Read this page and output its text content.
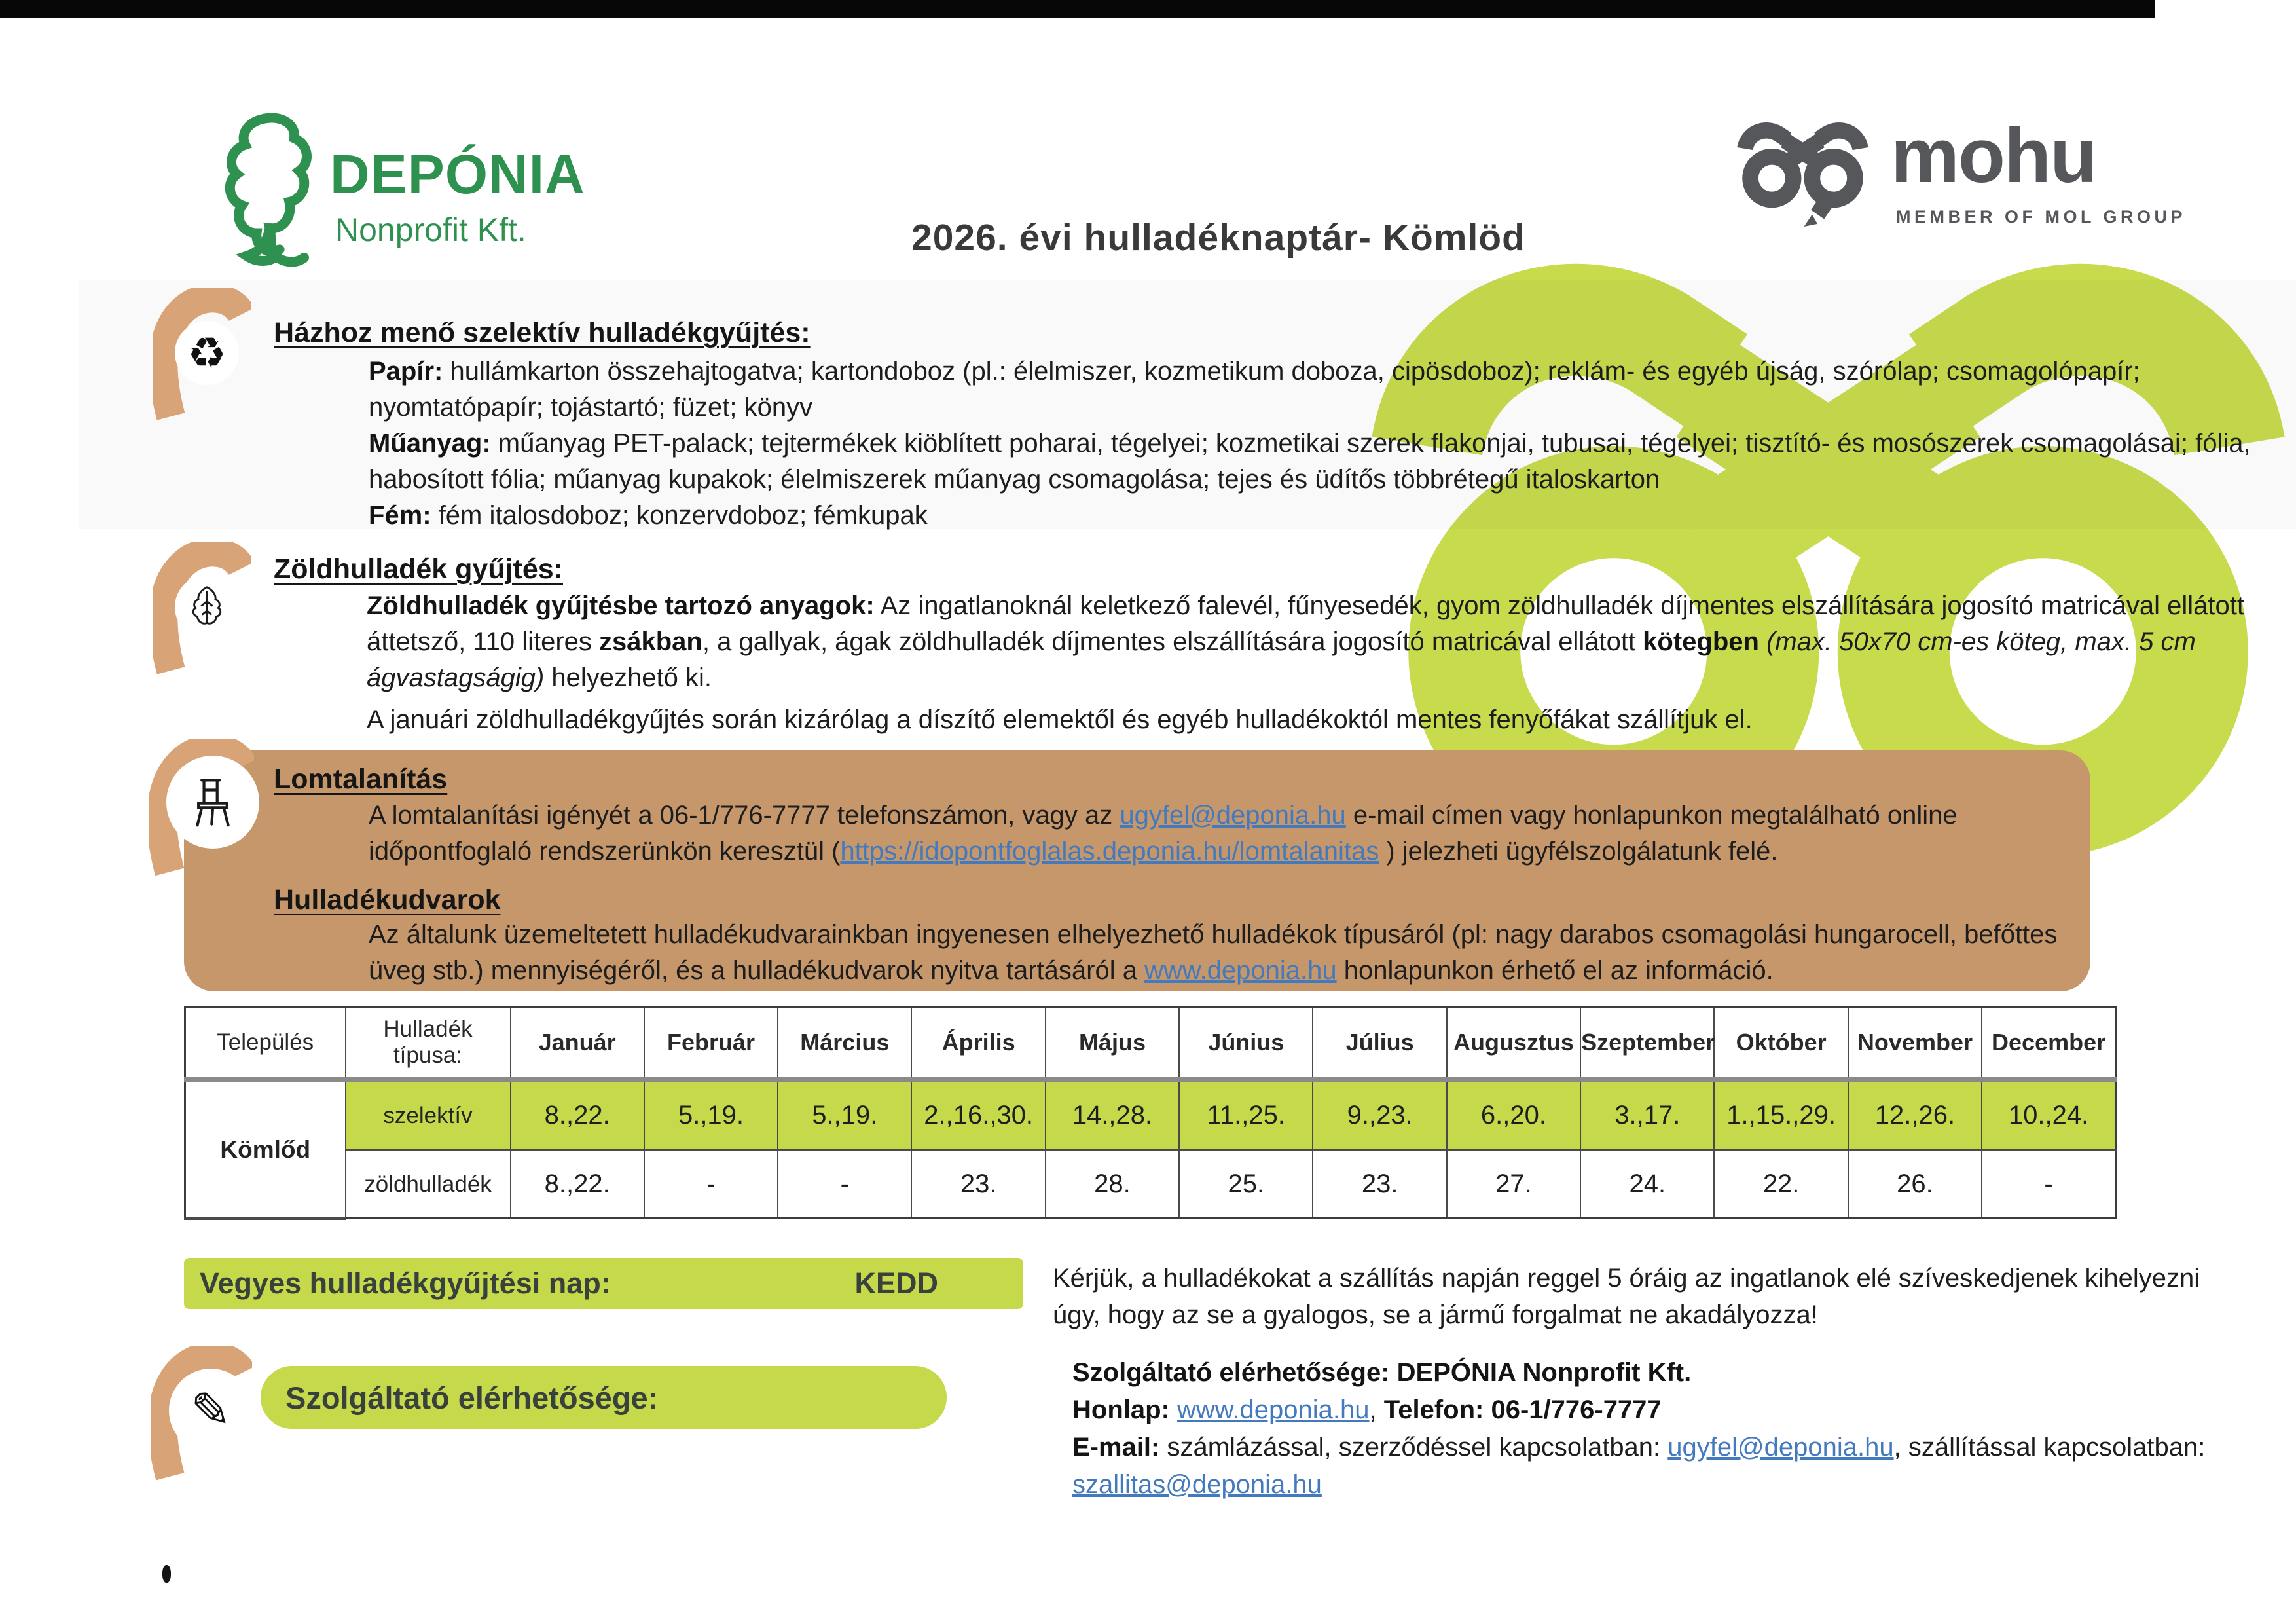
DEPÓNIA
Nonprofit Kft.	2026. évi hulladéknaptár- Kömlöd
mohu
MEMBER OF MOL GROUP
♻	Házhoz menő szelektív hulladékgyűjtés:

Papír: hullámkarton összehajtogatva; kartondoboz (pl.: élelmiszer, kozmetikum doboza, cipösdoboz); reklám- és egyéb újság, szórólap; csomagolópapír; nyomtatópapír; tojástartó; füzet; könyv

Műanyag: műanyag PET-palack; tejtermékek kiöblített poharai, tégelyei; kozmetikai szerek flakonjai, tubusai, tégelyei; tisztító- és mosószerek csomagolásai; fólia, habosított fólia; műanyag kupakok; élelmiszerek műanyag csomagolása; tejes és üdítős többrétegű italoskarton

Fém: fém italosdoboz; konzervdoboz; fémkupak

Zöldhulladék gyűjtés:
Zöldhulladék gyűjtésbe tartozó anyagok: Az ingatlanoknál keletkező falevél, fűnyesedék, gyom zöldhulladék díjmentes elszállítására jogosító matricával ellátott áttetsző, 110 literes zsákban, a gallyak, ágak zöldhulladék díjmentes elszállítására jogosító matricával ellátott kötegben (max. 50x70 cm-es köteg, max. 5 cm ágvastagságig) helyezhető ki.
A januári zöldhulladékgyűjtés során kizárólag a díszítő elemektől és egyéb hulladékoktól mentes fenyőfákat szállítjuk el.
Lomtalanítás
A lomtalanítási igényét a 06-1/776-7777 telefonszámon, vagy az ugyfel@deponia.hu e-mail címen vagy honlapunkon megtalálható online időpontfoglaló rendszerünkön keresztül (https://idopontfoglalas.deponia.hu/lomtalanitas ) jelezheti ügyfélszolgálatunk felé.
Hulladékudvarok
Az általunk üzemeltetett hulladékudvarainkban ingyenesen elhelyezhető hulladékok típusáról (pl: nagy darabos csomagolási hungarocell, befőttes üveg stb.) mennyiségéről, és a hulladékudvarok nyitva tartásáról a www.deponia.hu honlapunkon érhető el az információ.
Település	Hulladék típusa:	Január	Február	Március	Április	Május	Június	Július	Augusztus	Szeptember	Október	November	December
Kömlőd	szelektív	8.,22.	5.,19.	5.,19.	2.,16.,30.	14.,28.	11.,25.	9.,23.	6.,20.	3.,17.	1.,15.,29.	12.,26.	10.,24.
	zöldhulladék	8.,22.	-	-	23.	28.	25.	23.	27.	24.	22.	26.	-
Vegyes hulladékgyűjtési nap:	KEDD	Kérjük, a hulladékokat a szállítás napján reggel 5 óráig az ingatlanok elé szíveskedjenek kihelyezni úgy, hogy az se a gyalogos, se a jármű forgalmat ne akadályozza!
✎	Szolgáltató elérhetősége:
Szolgáltató elérhetősége: DEPÓNIA Nonprofit Kft.
Honlap: www.deponia.hu, Telefon: 06-1/776-7777
E-mail: számlázással, szerződéssel kapcsolatban: ugyfel@deponia.hu, szállítással kapcsolatban:
szallitas@deponia.hu
